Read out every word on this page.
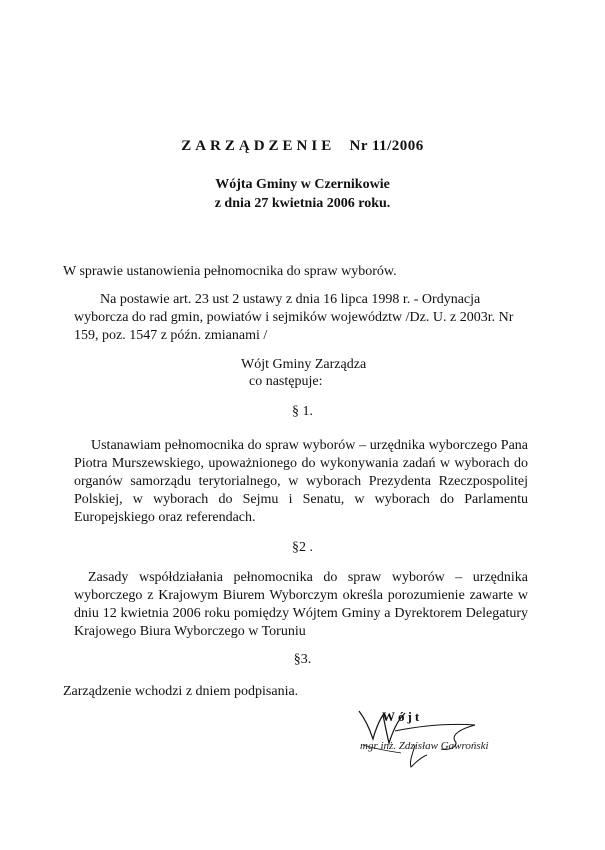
ZARZĄDZENIE Nr 11/2006
Wójta Gminy w Czernikowie
z dnia 27 kwietnia 2006 roku.
W sprawie ustanowienia pełnomocnika do spraw wyborów.
Na postawie art. 23 ust 2 ustawy z dnia 16 lipca 1998 r. - Ordynacja
wyborcza do rad gmin, powiatów i sejmików województw /Dz. U. z 2003r. Nr
159, poz. 1547 z późn. zmianami /
Wójt Gminy Zarządza
co następuje:
§ 1.
Ustanawiam pełnomocnika do spraw wyborów – urzędnika wyborczego Pana
Piotra Murszewskiego, upoważnionego do wykonywania zadań w wyborach do
organów samorządu terytorialnego, w wyborach Prezydenta Rzeczpospolitej
Polskiej, w wyborach do Sejmu i Senatu, w wyborach do Parlamentu
Europejskiego oraz referendach.
§2 .
Zasady współdziałania pełnomocnika do spraw wyborów – urzędnika
wyborczego z Krajowym Biurem Wyborczym określa porozumienie zawarte w
dniu 12 kwietnia 2006 roku pomiędzy Wójtem Gminy a Dyrektorem Delegatury
Krajowego Biura Wyborczego w Toruniu
§3.
Zarządzenie wchodzi z dniem podpisania.
Wójt
mgr inż. Zdzisław Gawroński
